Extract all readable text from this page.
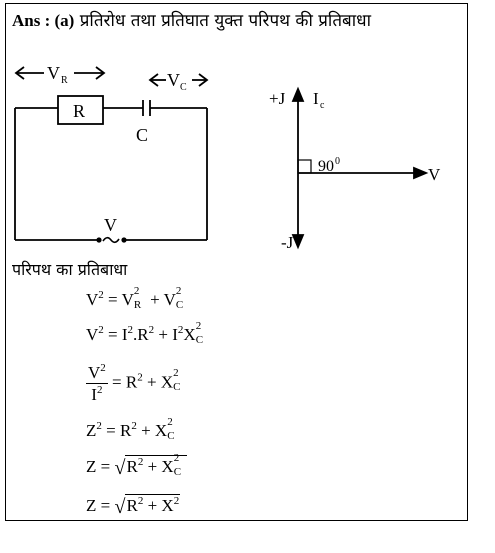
Ans : (a) प्रतिरोध तथा प्रतिघात युक्त परिपथ की प्रतिबाधा
V R	V C
R
C
V
+J I c
90 0
V
-J
परिपथ का प्रतिबाधा
$V^2 = V$ 2
R + V 2
C
$V^2 = I^2.R^2 + I^2X$ 2
C
$\frac{V^2}{I^2} = R^2 + X$ 2
C
$Z^2 = R^2 + X$ 2
C
$Z = √R^2 + X$ 2
C
$Z = √R^2 + X^2$
